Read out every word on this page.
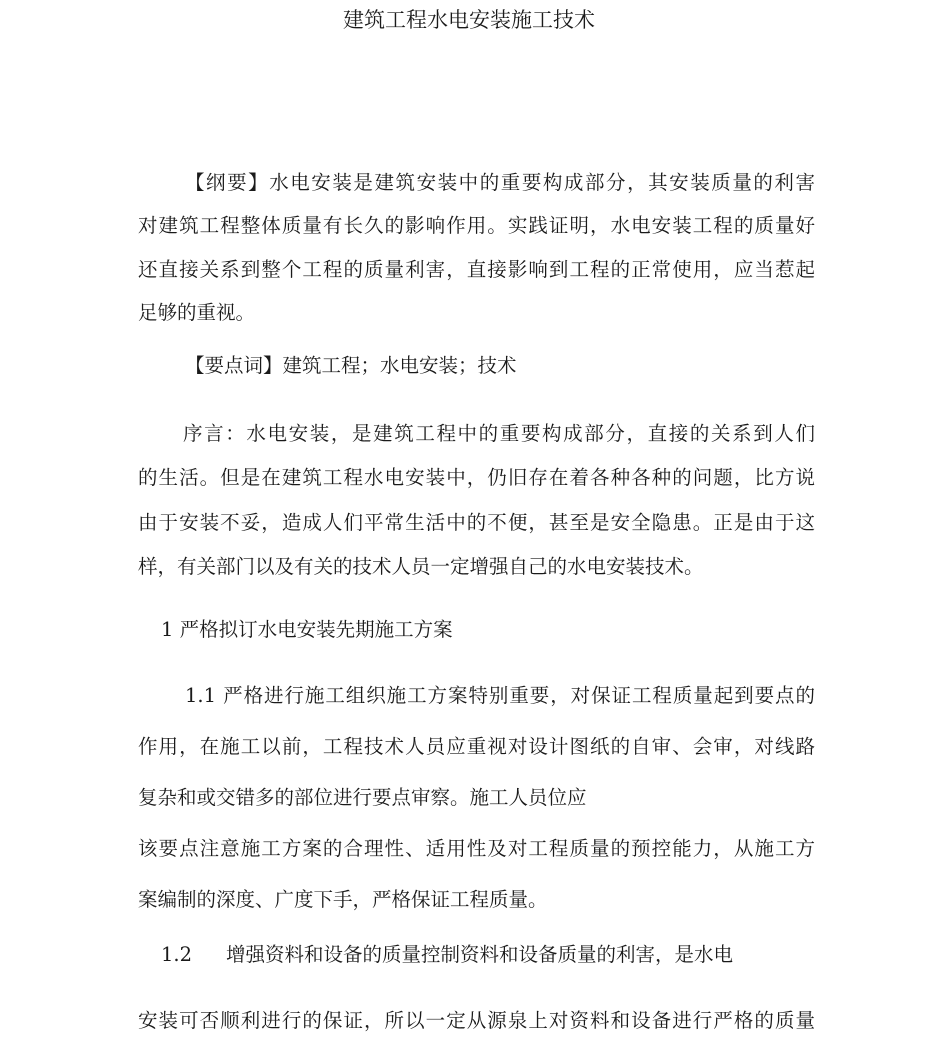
建筑工程水电安装施工技术
【纲要】水电安装是建筑安装中的重要构成部分，其安装质量的利害
对建筑工程整体质量有长久的影响作用。实践证明，水电安装工程的质量好
还直接关系到整个工程的质量利害，直接影响到工程的正常使用，应当惹起
足够的重视。
【要点词】建筑工程；水电安装；技术
序言：水电安装，是建筑工程中的重要构成部分，直接的关系到人们
的生活。但是在建筑工程水电安装中，仍旧存在着各种各种的问题，比方说
由于安装不妥，造成人们平常生活中的不便，甚至是安全隐患。正是由于这
样，有关部门以及有关的技术人员一定增强自己的水电安装技术。
1 严格拟订水电安装先期施工方案
1.1 严格进行施工组织施工方案特别重要，对保证工程质量起到要点的
作用，在施工以前，工程技术人员应重视对设计图纸的自审、会审，对线路
复杂和或交错多的部位进行要点审察。施工人员位应
该要点注意施工方案的合理性、适用性及对工程质量的预控能力，从施工方
案编制的深度、广度下手，严格保证工程质量。
1.2 增强资料和设备的质量控制资料和设备质量的利害，是水电
安装可否顺利进行的保证，所以一定从源泉上对资料和设备进行严格的质量
